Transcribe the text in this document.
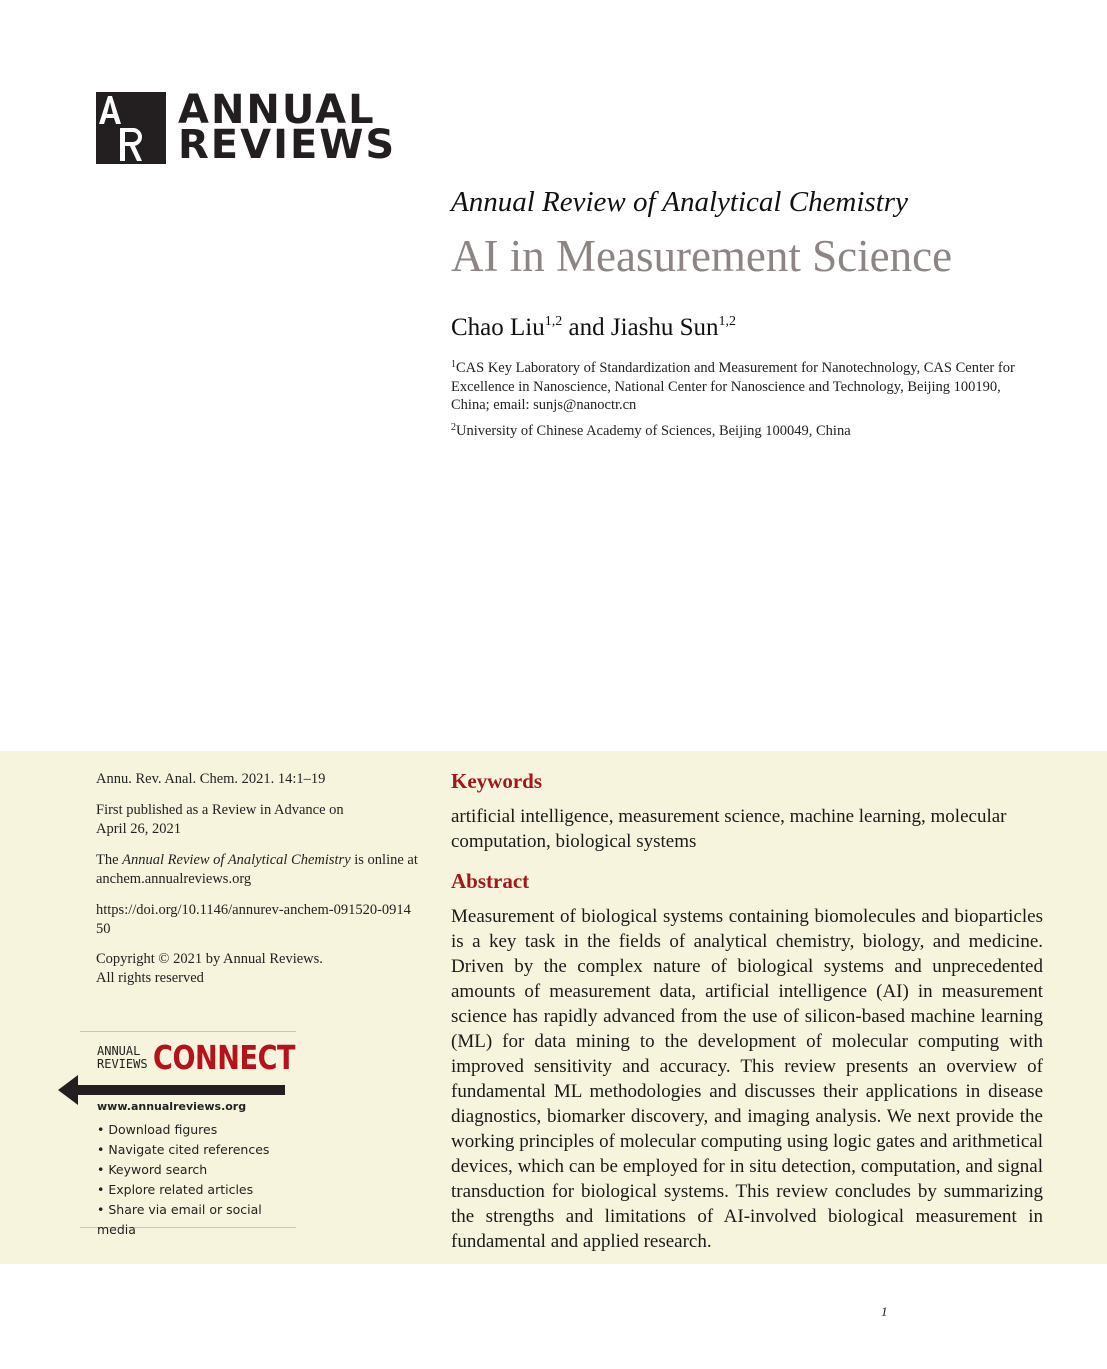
ANNUAL
REVIEWS
Annual Review of Analytical Chemistry
AI in Measurement Science
Chao Liu$^{1,2}$ and Jiashu Sun$^{1,2}$
$^1$CAS Key Laboratory of Standardization and Measurement for Nanotechnology, CAS Center for Excellence in Nanoscience, National Center for Nanoscience and Technology, Beijing 100190, China; email: sunjs@nanoctr.cn
$^2$University of Chinese Academy of Sciences, Beijing 100049, China
Annu. Rev. Anal. Chem. 2021. 14:1–19
First published as a Review in Advance on
April 26, 2021
The Annual Review of Analytical Chemistry is online at
anchem.annualreviews.org
https://doi.org/10.1146/annurev-anchem-091520-091450
Copyright © 2021 by Annual Reviews.
All rights reserved
ANNUAL
REVIEWS CONNECT
www.annualreviews.org
• Download figures
• Navigate cited references
• Keyword search
• Explore related articles
• Share via email or social media
Keywords
artificial intelligence, measurement science, machine learning, molecular computation, biological systems
Abstract
Measurement of biological systems containing biomolecules and bioparticles is a key task in the fields of analytical chemistry, biology, and medicine. Driven by the complex nature of biological systems and unprecedented amounts of measurement data, artificial intelligence (AI) in measurement science has rapidly advanced from the use of silicon-based machine learning (ML) for data mining to the development of molecular computing with improved sensitivity and accuracy. This review presents an overview of fundamental ML methodologies and discusses their applications in disease diagnostics, biomarker discovery, and imaging analysis. We next provide the working principles of molecular computing using logic gates and arithmetical devices, which can be employed for in situ detection, computation, and signal transduction for biological systems. This review concludes by summarizing the strengths and limitations of AI-involved biological measurement in fundamental and applied research.
1
